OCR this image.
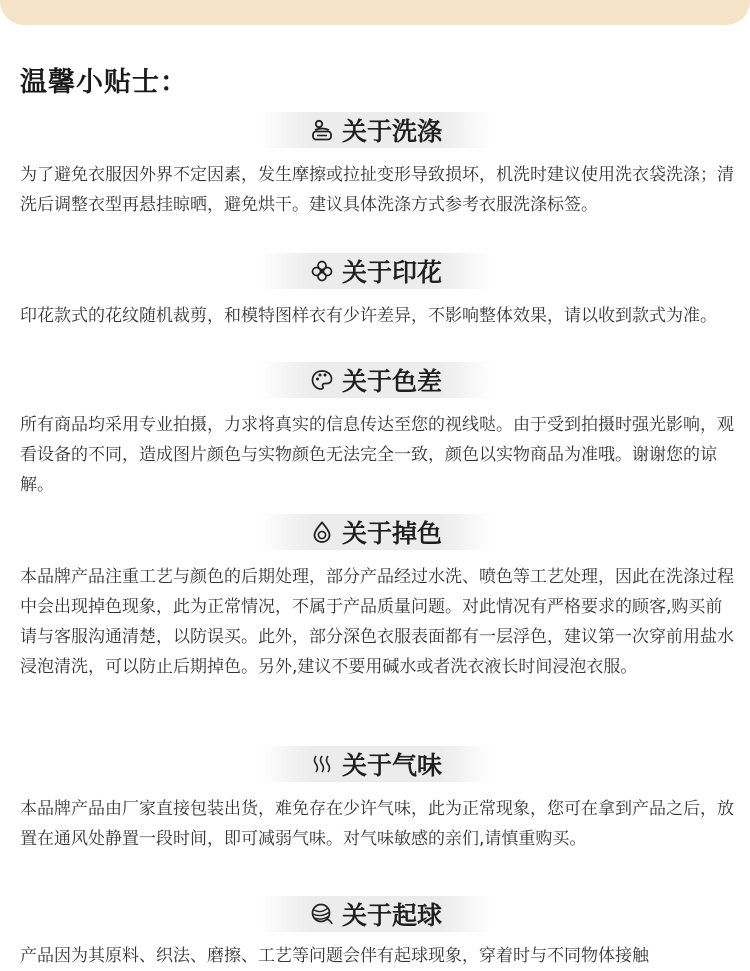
温馨小贴士：
关于洗涤
为了避免衣服因外界不定因素，发生摩擦或拉扯变形导致损坏，机洗时建议使用洗衣袋洗涤；清洗后调整衣型再悬挂晾晒，避免烘干。建议具体洗涤方式参考衣服洗涤标签。
关于印花
印花款式的花纹随机裁剪，和模特图样衣有少许差异，不影响整体效果，请以收到款式为准。
关于色差
所有商品均采用专业拍摄，力求将真实的信息传达至您的视线哒。由于受到拍摄时强光影响，观看设备的不同，造成图片颜色与实物颜色无法完全一致，颜色以实物商品为准哦。谢谢您的谅解。
关于掉色
本品牌产品注重工艺与颜色的后期处理，部分产品经过水洗、喷色等工艺处理，因此在洗涤过程中会出现掉色现象，此为正常情况，不属于产品质量问题。对此情况有严格要求的顾客,购买前请与客服沟通清楚，以防误买。此外，部分深色衣服表面都有一层浮色，建议第一次穿前用盐水浸泡清洗，可以防止后期掉色。另外,建议不要用碱水或者洗衣液长时间浸泡衣服。
关于气味
本品牌产品由厂家直接包装出货，难免存在少许气味，此为正常现象，您可在拿到产品之后，放置在通风处静置一段时间，即可减弱气味。对气味敏感的亲们,请慎重购买。
关于起球
产品因为其原料、织法、磨擦、工艺等问题会伴有起球现象，穿着时与不同物体接触
